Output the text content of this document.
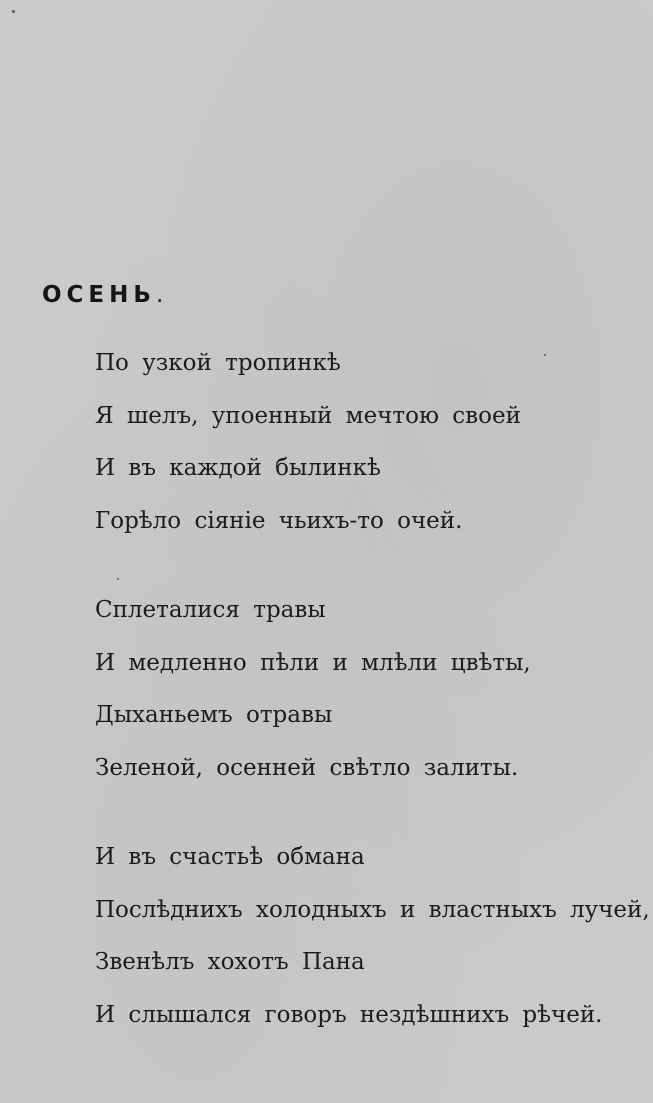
ОСЕНЬ.
По узкой тропинкѣ
Я шелъ, упоенный мечтою своей
И въ каждой былинкѣ
Горѣло сіяніе чьихъ-то очей.
Сплеталися травы
И медленно пѣли и млѣли цвѣты,
Дыханьемъ отравы
Зеленой, осенней свѣтло залиты.
И въ счастьѣ обмана
Послѣднихъ холодныхъ и властныхъ лучей,
Звенѣлъ хохотъ Пана
И слышался говоръ нездѣшнихъ рѣчей.
